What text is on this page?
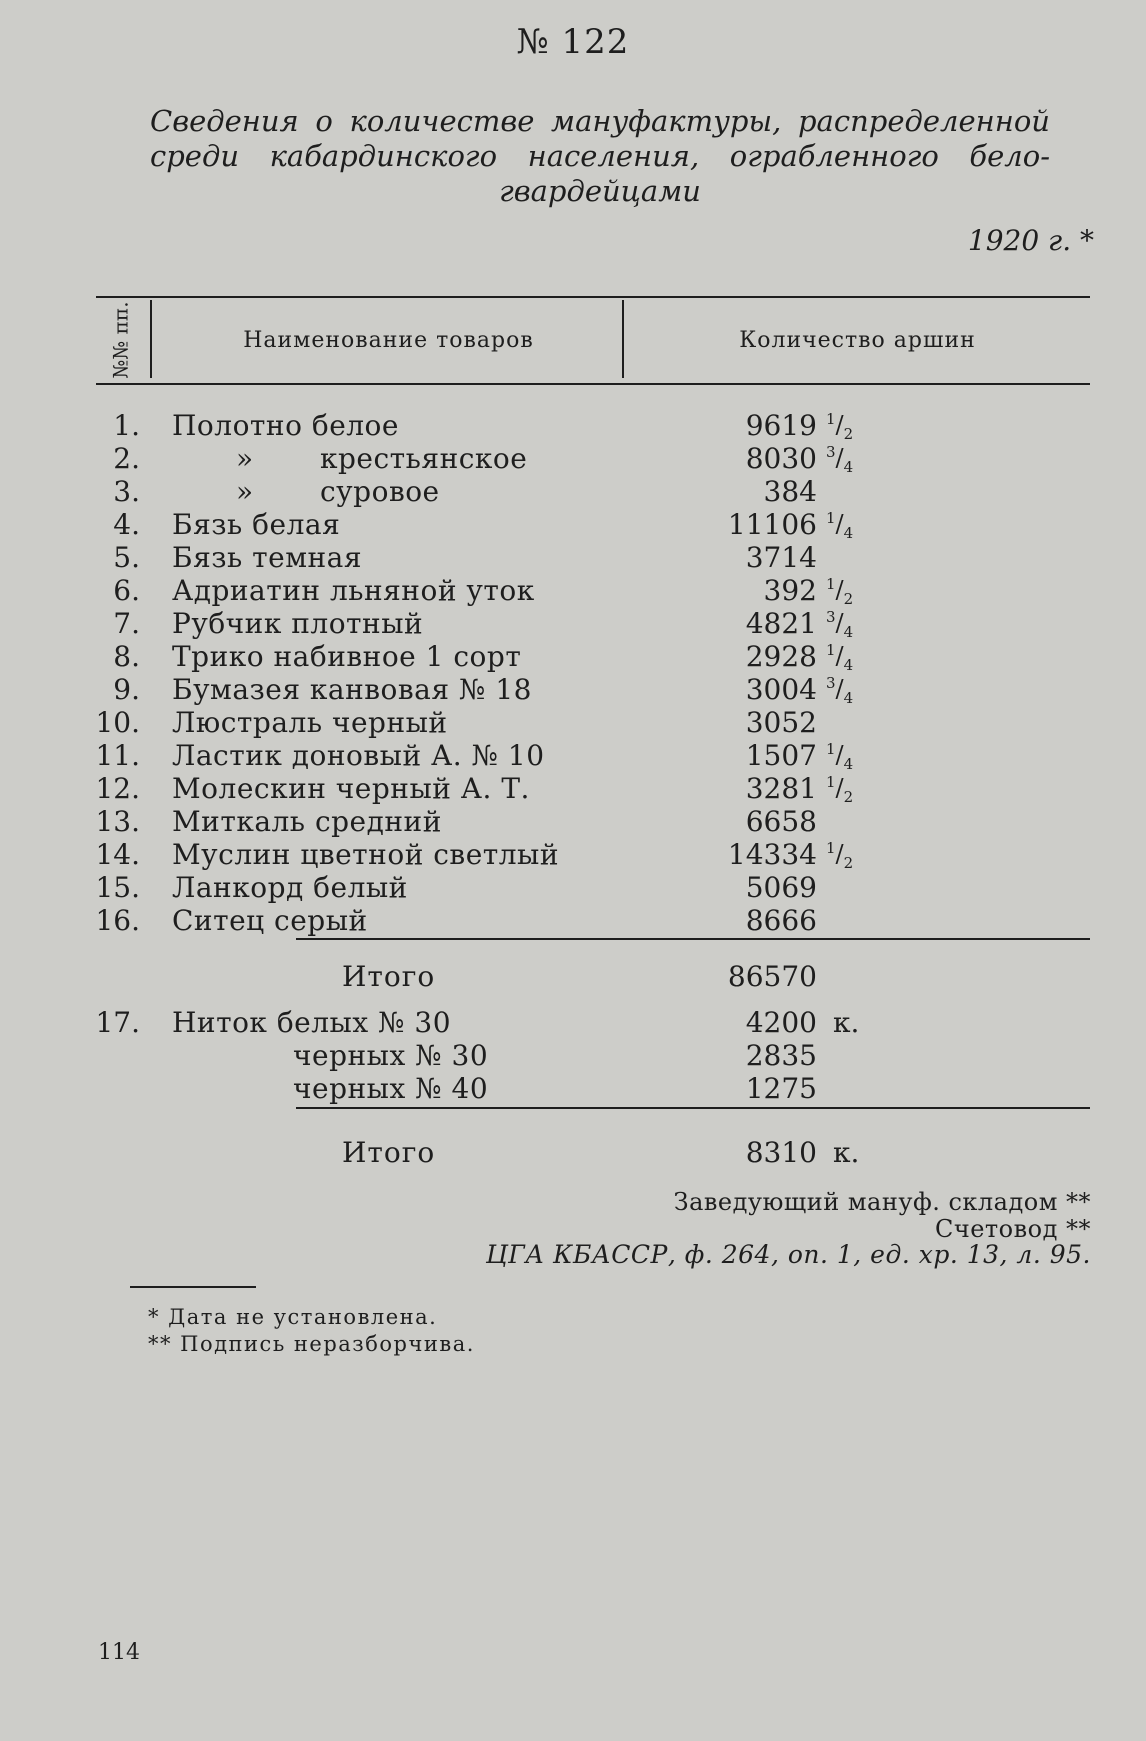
№ 122
Сведения о количестве мануфактуры, распределенной среди кабардинского населения, ограбленного бело-гвардейцами
1920 г. *
№№ пп.	Наименование товаров	Количество аршин
1. Полотно белое	9619 $^1/_2$
2.	» крестьянское	8030 $^3/_4$
3.	» суровое	384
4. Бязь белая	11106 $^1/_4$
5. Бязь темная	3714
6. Адриатин льняной уток	392 $^1/_2$
7. Рубчик плотный	4821 $^3/_4$
8. Трико набивное 1 сорт	2928 $^1/_4$
9. Бумазея канвовая № 18	3004 $^3/_4$
10. Люстраль черный	3052
11. Ластик доновый А. № 10	1507 $^1/_4$
12. Молескин черный А. Т.	3281 $^1/_2$
13. Миткаль средний	6658
14. Муслин цветной светлый	14334 $^1/_2$
15. Ланкорд белый	5069
16. Ситец серый	8666
Итого	86570
17. Ниток белых № 30	4200 к.
черных № 30	2835
черных № 40	1275
Итого	8310 к.
Заведующий мануф. складом **
Счетовод **
ЦГА КБАССР, ф. 264, оп. 1, ед. хр. 13, л. 95.
* Дата не установлена.
** Подпись неразборчива.
114
